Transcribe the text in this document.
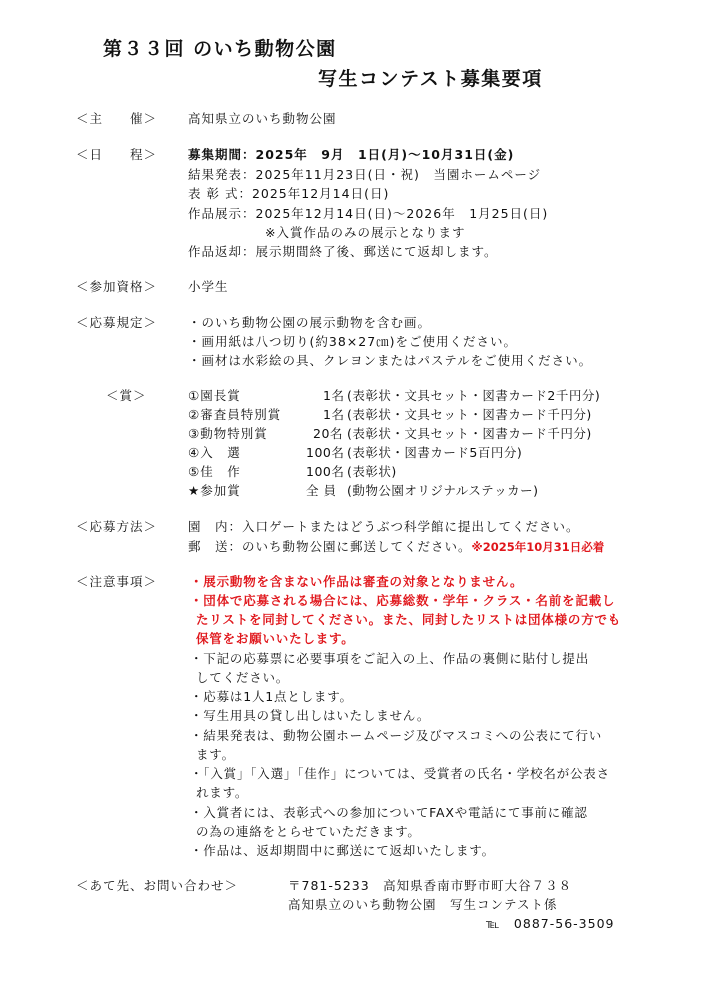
第３３回 のいち動物公園
写生コンテスト募集要項
＜主　　催＞ 高知県立のいち動物公園
＜日　　程＞ 募集期間：2025年　9月　1日(月)～10月31日(金)
結果発表：2025年11月23日(日・祝)　当園ホームページ
表 彰 式：2025年12月14日(日)
作品展示：2025年12月14日(日)～2026年　1月25日(日)
※入賞作品のみの展示となります
作品返却：展示期間終了後、郵送にて返却します。
＜参加資格＞ 小学生
＜応募規定＞ ・のいち動物公園の展示動物を含む画。
・画用紙は八つ切り(約38×27㎝)をご使用ください。
・画材は水彩絵の具、クレヨンまたはパステルをご使用ください。
＜賞＞	①園長賞	1名 (表彰状・文具セット・図書カード2千円分)
②審査員特別賞	1名 (表彰状・文具セット・図書カード千円分)
③動物特別賞	20名 (表彰状・文具セット・図書カード千円分)
④入　選	100名 (表彰状・図書カード5百円分)
⑤佳　作	100名 (表彰状)
★参加賞	全 員 (動物公園オリジナルステッカー)
＜応募方法＞ 園　内：入口ゲートまたはどうぶつ科学館に提出してください。
郵　送：のいち動物公園に郵送してください。※2025年10月31日必着
＜注意事項＞	・展示動物を含まない作品は審査の対象となりません。
・団体で応募される場合には、応募総数・学年・クラス・名前を記載し
たリストを同封してください。また、同封したリストは団体様の方でも
保管をお願いいたします。
・下記の応募票に必要事項をご記入の上、作品の裏側に貼付し提出
してください。
・応募は1人1点とします。
・写生用具の貸し出しはいたしません。
・結果発表は、動物公園ホームページ及びマスコミへの公表にて行い
ます。
・「入賞」「入選」「佳作」については、受賞者の氏名・学校名が公表さ
れます。
・入賞者には、表彰式への参加についてFAXや電話にて事前に確認
の為の連絡をとらせていただきます。
・作品は、返却期間中に郵送にて返却いたします。
＜あて先、お問い合わせ＞	〒781-5233　高知県香南市野市町大谷７３８
高知県立のいち動物公園　写生コンテスト係
℡　0887-56-3509
